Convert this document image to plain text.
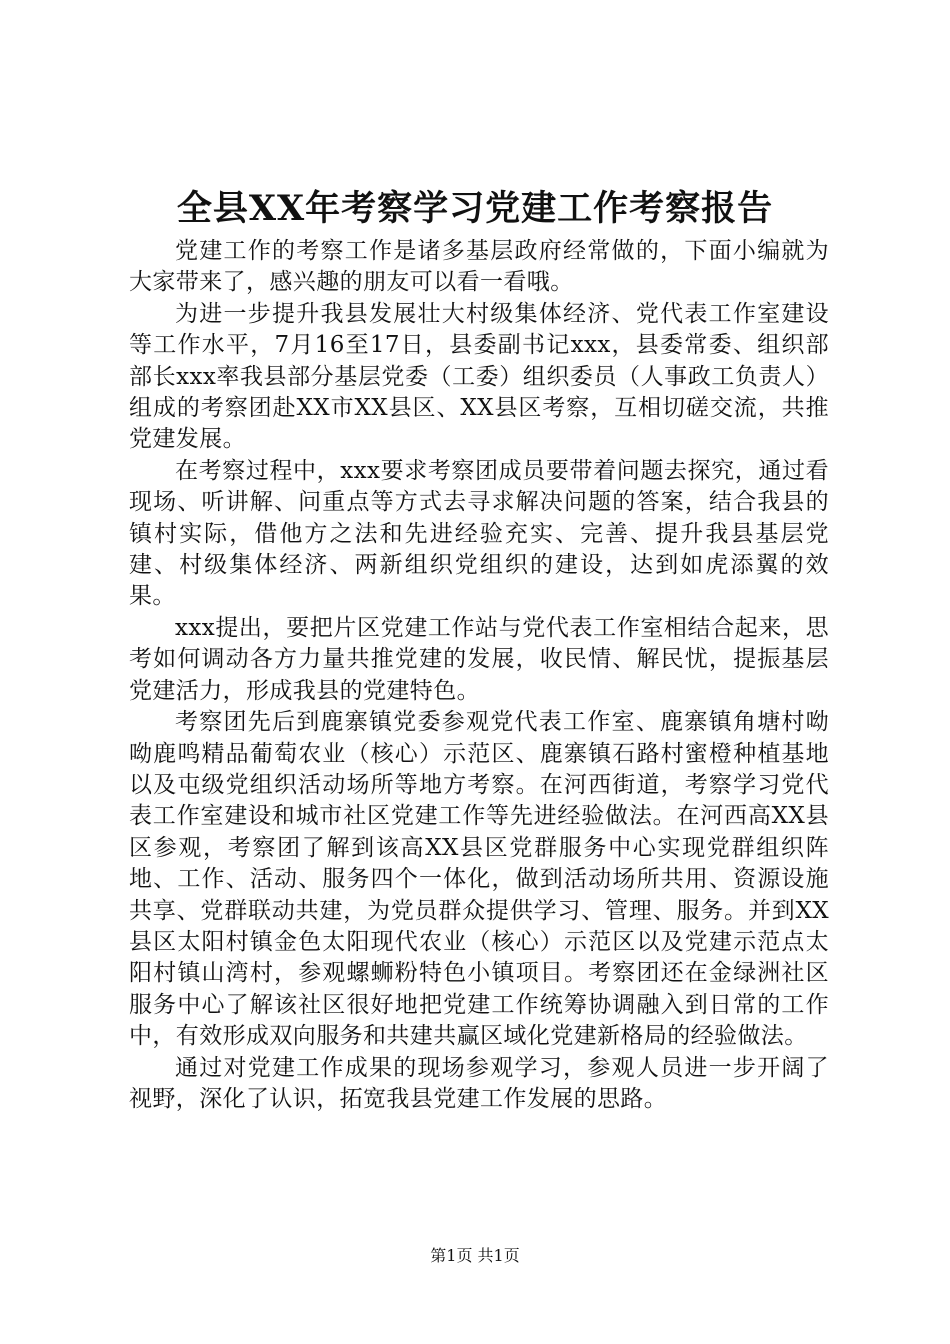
全县XX年考察学习党建工作考察报告

党建工作的考察工作是诸多基层政府经常做的，下面小编就为大家带来了，感兴趣的朋友可以看一看哦。

为进一步提升我县发展壮大村级集体经济、党代表工作室建设等工作水平，7月16至17日，县委副书记xxx，县委常委、组织部部长xxx率我县部分基层党委（工委）组织委员（人事政工负责人）组成的考察团赴XX市XX县区、XX县区考察，互相切磋交流，共推党建发展。

在考察过程中，xxx要求考察团成员要带着问题去探究，通过看现场、听讲解、问重点等方式去寻求解决问题的答案，结合我县的镇村实际，借他方之法和先进经验充实、完善、提升我县基层党建、村级集体经济、两新组织党组织的建设，达到如虎添翼的效果。

xxx提出，要把片区党建工作站与党代表工作室相结合起来，思考如何调动各方力量共推党建的发展，收民情、解民忧，提振基层党建活力，形成我县的党建特色。

考察团先后到鹿寨镇党委参观党代表工作室、鹿寨镇角塘村呦呦鹿鸣精品葡萄农业（核心）示范区、鹿寨镇石路村蜜橙种植基地以及屯级党组织活动场所等地方考察。在河西街道，考察学习党代表工作室建设和城市社区党建工作等先进经验做法。在河西高XX县区参观，考察团了解到该高XX县区党群服务中心实现党群组织阵地、工作、活动、服务四个一体化，做到活动场所共用、资源设施共享、党群联动共建，为党员群众提供学习、管理、服务。并到XX县区太阳村镇金色太阳现代农业（核心）示范区以及党建示范点太阳村镇山湾村，参观螺蛳粉特色小镇项目。考察团还在金绿洲社区服务中心了解该社区很好地把党建工作统筹协调融入到日常的工作中，有效形成双向服务和共建共赢区域化党建新格局的经验做法。

通过对党建工作成果的现场参观学习，参观人员进一步开阔了视野，深化了认识，拓宽我县党建工作发展的思路。

第1页 共1页
